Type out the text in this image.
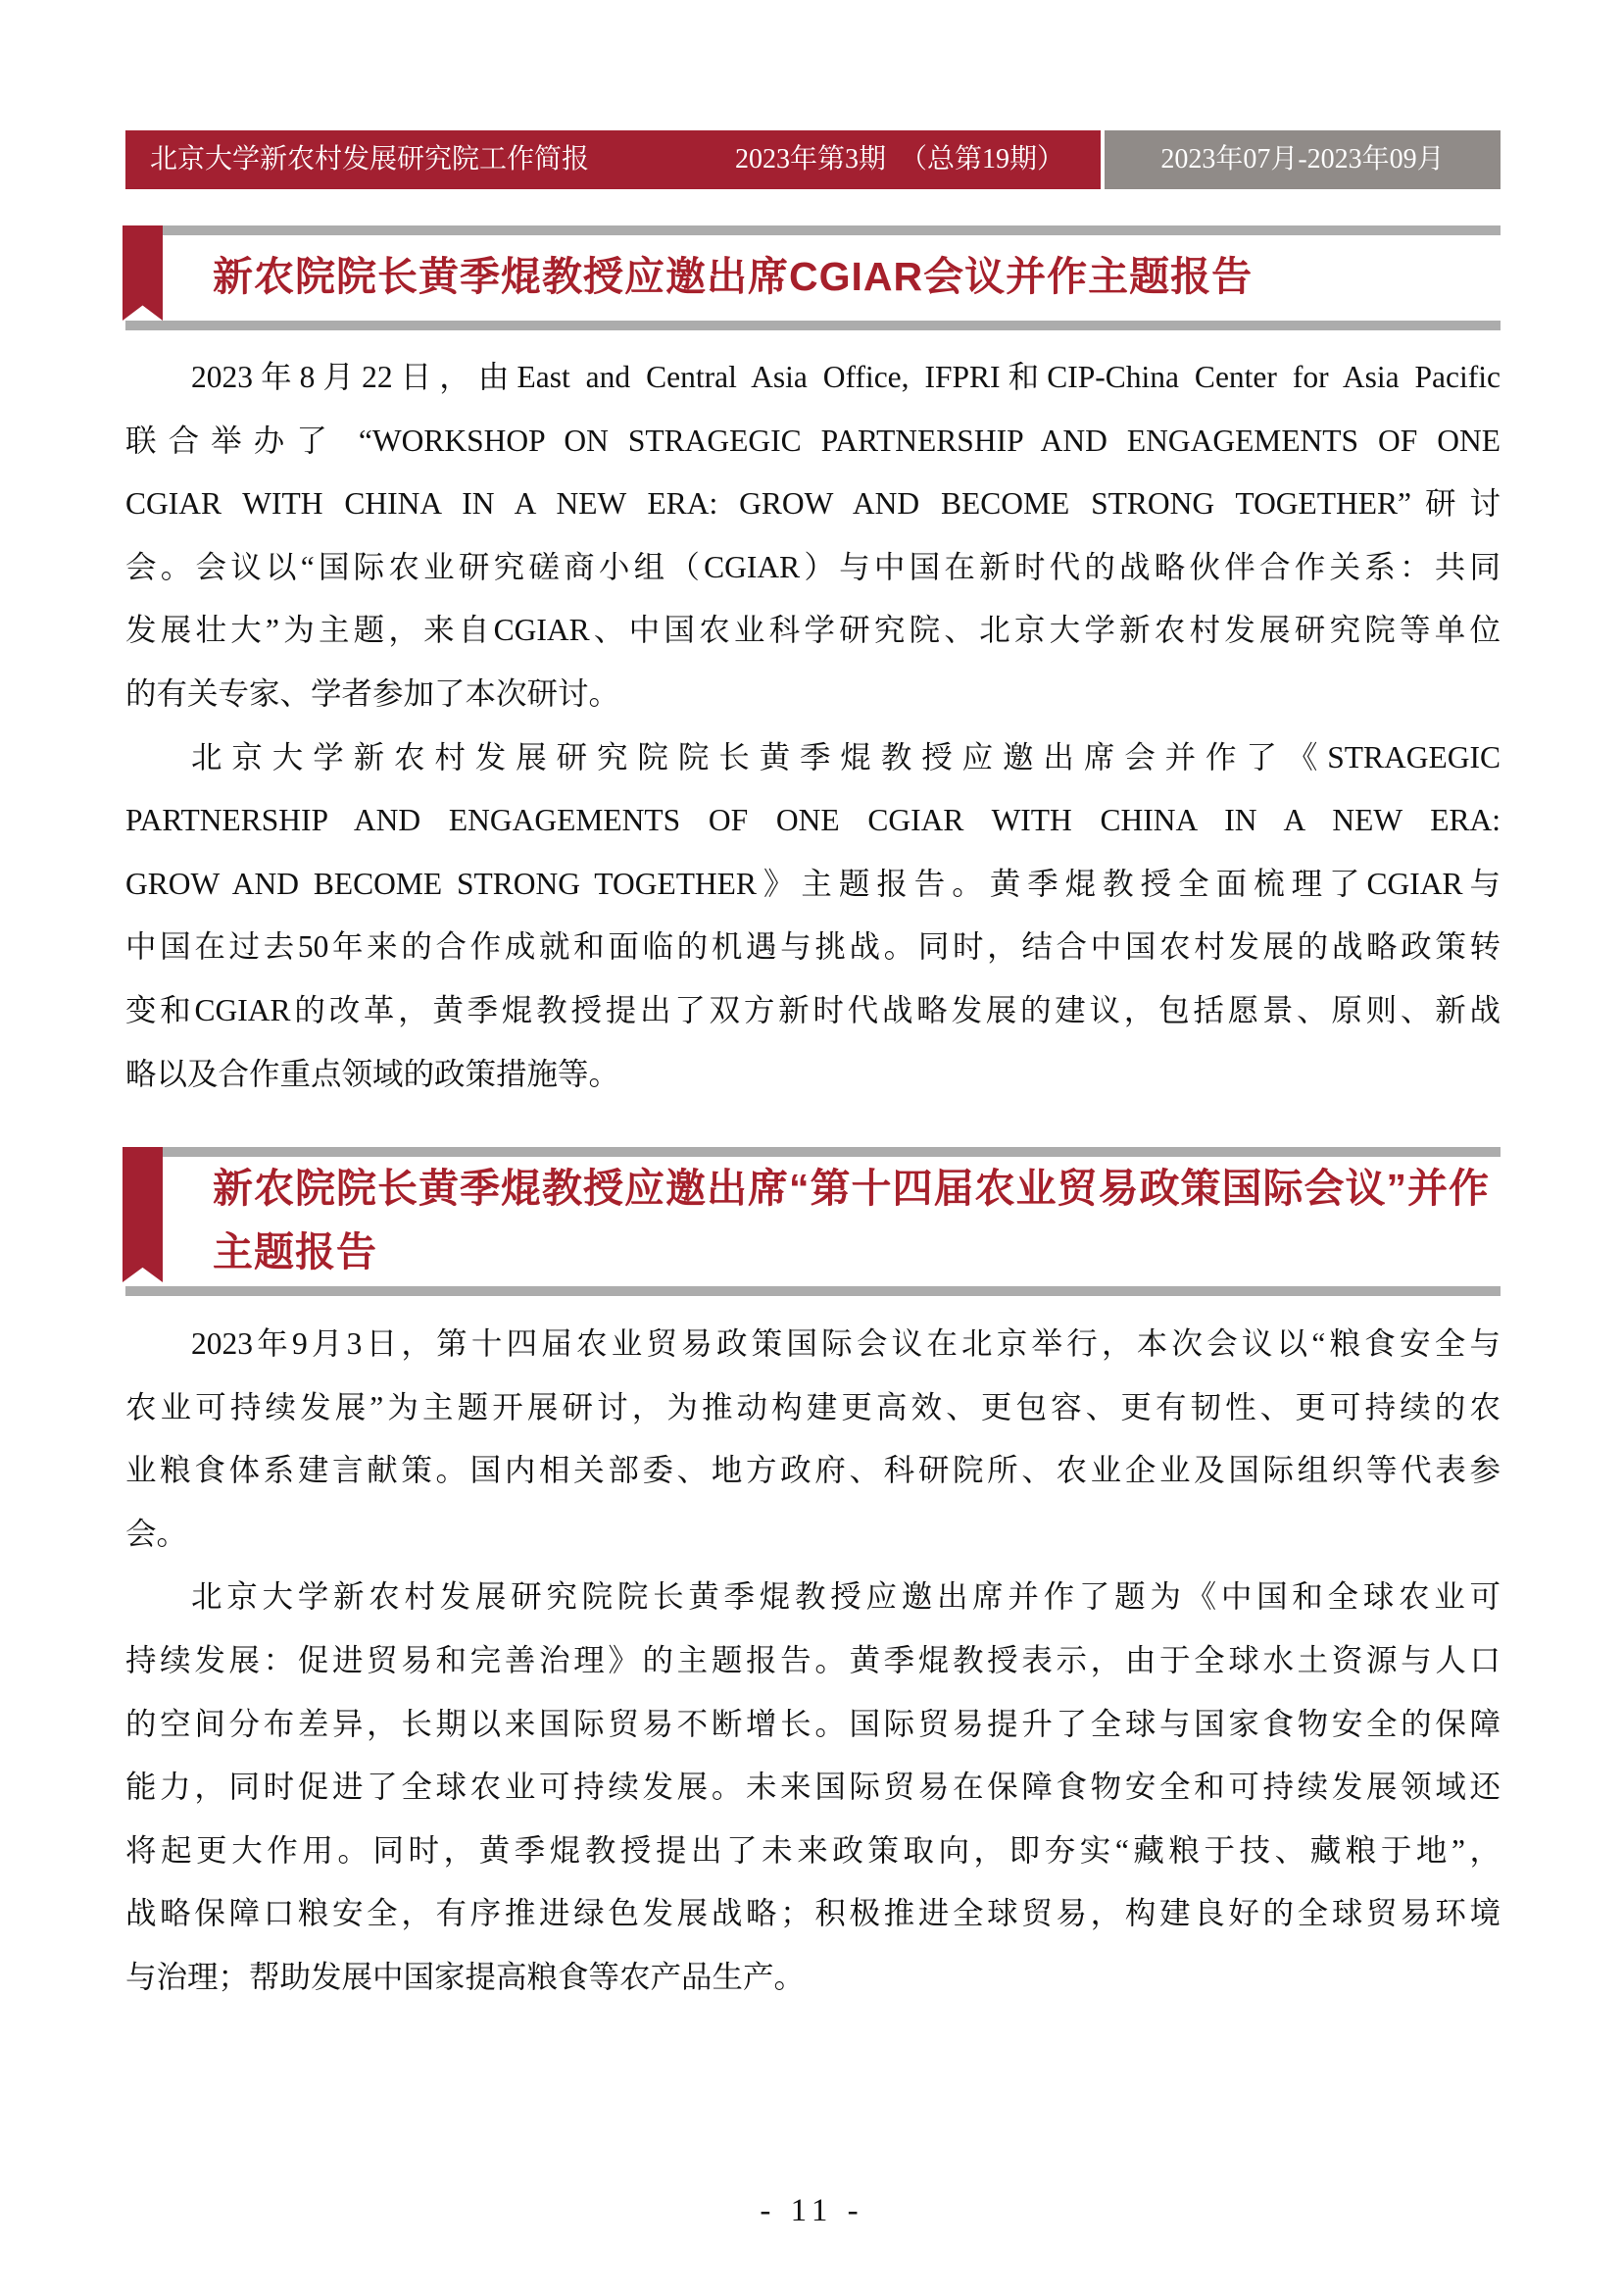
北京大学新农村发展研究院工作简报	2023年第3期　（总第19期）	2023年07月-2023年09月
新农院院长黄季焜教授应邀出席CGIAR会议并作主题报告
2023年8月22日，由East and Central Asia Office, IFPRI和CIP-China Center for Asia Pacific
联合举办了 “WORKSHOP ON STRAGEGIC PARTNERSHIP AND ENGAGEMENTS OF ONE
CGIAR WITH CHINA IN A NEW ERA: GROW AND BECOME STRONG TOGETHER”研讨
会。会议以“国际农业研究磋商小组（CGIAR）与中国在新时代的战略伙伴合作关系：共同
发展壮大”为主题，来自CGIAR、中国农业科学研究院、北京大学新农村发展研究院等单位
的有关专家、学者参加了本次研讨。
北京大学新农村发展研究院院长黄季焜教授应邀出席会并作了《STRAGEGIC
PARTNERSHIP AND ENGAGEMENTS OF ONE CGIAR WITH CHINA IN A NEW ERA:
GROW AND BECOME STRONG TOGETHER》主题报告。黄季焜教授全面梳理了CGIAR与
中国在过去50年来的合作成就和面临的机遇与挑战。同时，结合中国农村发展的战略政策转
变和CGIAR的改革，黄季焜教授提出了双方新时代战略发展的建议，包括愿景、原则、新战
略以及合作重点领域的政策措施等。
新农院院长黄季焜教授应邀出席“第十四届农业贸易政策国际会议”并作
主题报告
2023年9月3日，第十四届农业贸易政策国际会议在北京举行，本次会议以“粮食安全与
农业可持续发展”为主题开展研讨，为推动构建更高效、更包容、更有韧性、更可持续的农
业粮食体系建言献策。国内相关部委、地方政府、科研院所、农业企业及国际组织等代表参
会。
北京大学新农村发展研究院院长黄季焜教授应邀出席并作了题为《中国和全球农业可
持续发展：促进贸易和完善治理》的主题报告。黄季焜教授表示，由于全球水土资源与人口
的空间分布差异，长期以来国际贸易不断增长。国际贸易提升了全球与国家食物安全的保障
能力，同时促进了全球农业可持续发展。未来国际贸易在保障食物安全和可持续发展领域还
将起更大作用。同时，黄季焜教授提出了未来政策取向，即夯实“藏粮于技、藏粮于地”，
战略保障口粮安全，有序推进绿色发展战略；积极推进全球贸易，构建良好的全球贸易环境
与治理；帮助发展中国家提高粮食等农产品生产。
- 11 -
